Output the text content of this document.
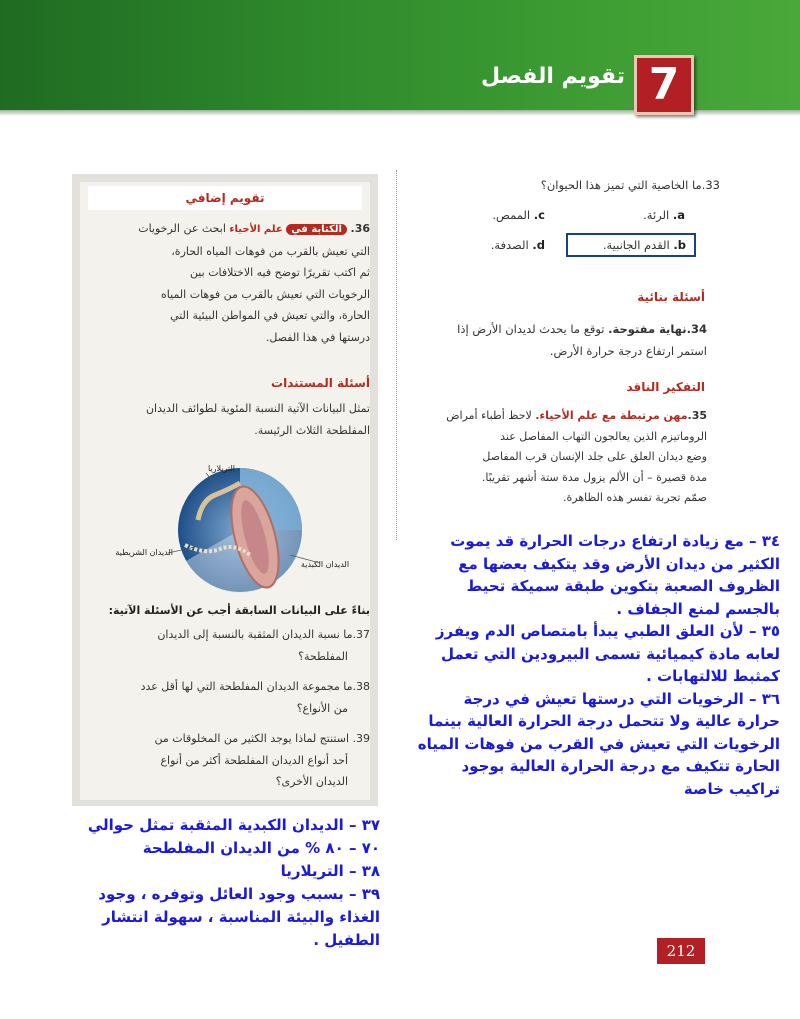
7
تقويم الفصل
33.ما الخاصية التي تميز هذا الحيوان؟
a. الرئة.
c. الممص.
b. القدم الجانبية.
d. الصدفة.
أسئلة بنائية
34.نهاية مفتوحة. توقع ما يحدث لديدان الأرض إذا
استمر ارتفاع درجة حرارة الأرض.
التفكير الناقد
35.مهن مرتبطة مع علم الأحياء. لاحظ أطباء أمراض
الروماتيزم الذين يعالجون التهاب المفاصل عند
وضع ديدان العلق على جلد الإنسان قرب المفاصل
مدة قصيرة – أن الألم يزول مدة ستة أشهر تقريبًا.
صمّم تجربة تفسر هذه الظاهرة.
تقويم إضافي
36. الكتابة في علم الأحياء ابحث عن الرخويات
التي تعيش بالقرب من فوهات المياه الحارة،
ثم اكتب تقريرًا توضح فيه الاختلافات بين
الرخويات التي تعيش بالقرب من فوهات المياه
الحارة، والتي تعيش في المواطن البيئية التي
درستها في هذا الفصل.
أسئلة المستندات
تمثل البيانات الآتية النسبة المئوية لطوائف الديدان
المفلطحة الثلاث الرئيسة.
التريلاريا
الديدان الشريطية
الديدان الكبدية
بناءً على البيانات السابقة أجب عن الأسئلة الآتية:
37.ما نسبة الديدان المثقبة بالنسبة إلى الديدان
المفلطحة؟
38.ما مجموعة الديدان المفلطحة التي لها أقل عدد
من الأنواع؟
39. استنتج لماذا يوجد الكثير من المخلوقات من
أحد أنواع الديدان المفلطحة أكثر من أنواع
الديدان الأخرى؟
٣٤ – مع زيادة ارتفاع درجات الحرارة قد يموت
الكثير من ديدان الأرض وقد يتكيف بعضها مع
الظروف الصعبة بتكوين طبقة سميكة تحيط
بالجسم لمنع الجفاف .
٣٥ – لأن العلق الطبي يبدأ بامتصاص الدم ويفرز
لعابه مادة كيميائية تسمى البيرودين التي تعمل
كمثبط للالتهابات .
٣٦ – الرخويات التي درستها تعيش في درجة
حرارة عالية ولا تتحمل درجة الحرارة العالية بينما
الرخويات التي تعيش في القرب من فوهات المياه
الحارة تتكيف مع درجة الحرارة العالية بوجود
تراكيب خاصة
٣٧ – الديدان الكبدية المثقبة تمثل حوالي
٧٠ – ٨٠ % من الديدان المفلطحة
٣٨ – التريلاريا
٣٩ – بسبب وجود العائل وتوفره ، وجود
الغذاء والبيئة المناسبة ، سهولة انتشار
الطفيل .
212
